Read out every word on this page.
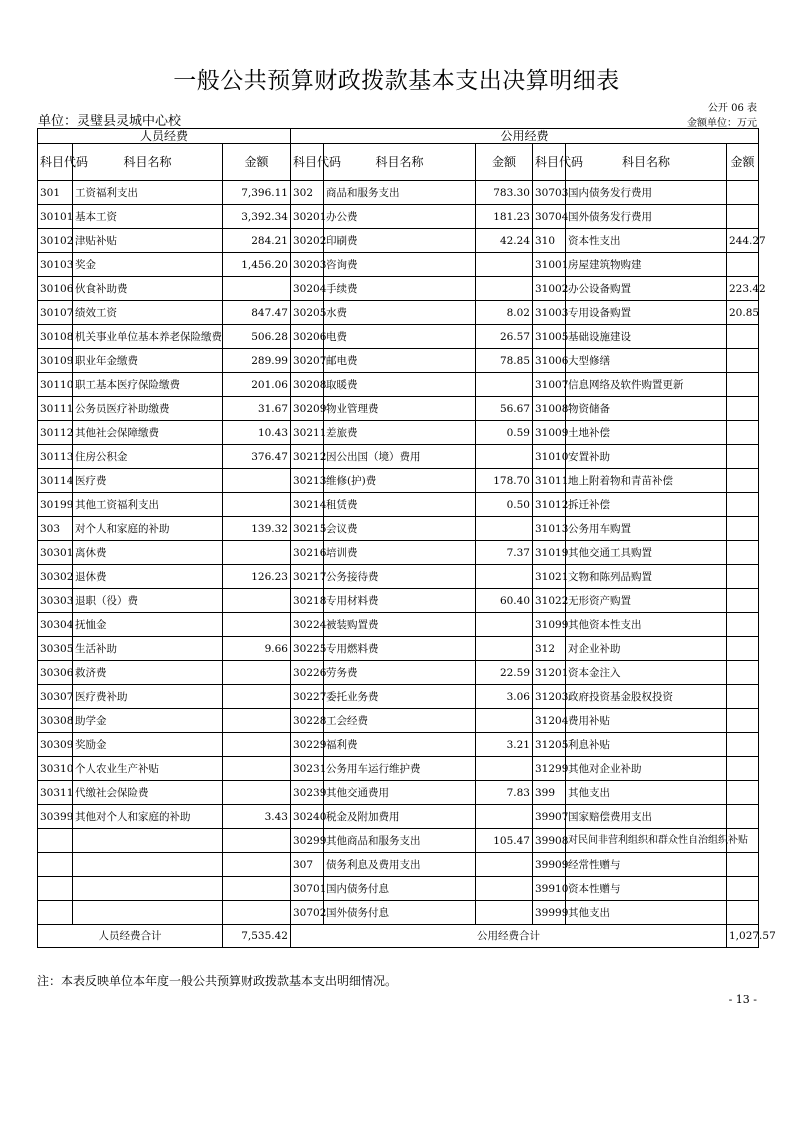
一般公共预算财政拨款基本支出决算明细表
公开 06 表
单位：灵璧县灵城中心校	金额单位：万元
人员经费			公用经费					
科目代码	科目名称	金额	科目代码	科目名称	金额	科目代码	科目名称	金额
301	工资福利支出	7,396.11	302	商品和服务支出	783.30	30703	国内债务发行费用	
30101	基本工资	3,392.34	30201	办公费	181.23	30704	国外债务发行费用	
30102	津贴补贴	284.21	30202	印刷费	42.24	310	资本性支出	244.27
30103	奖金	1,456.20	30203	咨询费		31001	房屋建筑物购建	
30106	伙食补助费		30204	手续费		31002	办公设备购置	223.42
30107	绩效工资	847.47	30205	水费	8.02	31003	专用设备购置	20.85
30108	机关事业单位基本养老保险缴费	506.28	30206	电费	26.57	31005	基础设施建设	
30109	职业年金缴费	289.99	30207	邮电费	78.85	31006	大型修缮	
30110	职工基本医疗保险缴费	201.06	30208	取暖费		31007	信息网络及软件购置更新	
30111	公务员医疗补助缴费	31.67	30209	物业管理费	56.67	31008	物资储备	
30112	其他社会保障缴费	10.43	30211	差旅费	0.59	31009	土地补偿	
30113	住房公积金	376.47	30212	因公出国（境）费用		31010	安置补助	
30114	医疗费		30213	维修(护)费	178.70	31011	地上附着物和青苗补偿	
30199	其他工资福利支出		30214	租赁费	0.50	31012	拆迁补偿	
303	对个人和家庭的补助	139.32	30215	会议费		31013	公务用车购置	
30301	离休费		30216	培训费	7.37	31019	其他交通工具购置	
30302	退休费	126.23	30217	公务接待费		31021	文物和陈列品购置	
30303	退职（役）费		30218	专用材料费	60.40	31022	无形资产购置	
30304	抚恤金		30224	被装购置费		31099	其他资本性支出	
30305	生活补助	9.66	30225	专用燃料费		312	对企业补助	
30306	救济费		30226	劳务费	22.59	31201	资本金注入	
30307	医疗费补助		30227	委托业务费	3.06	31203	政府投资基金股权投资	
30308	助学金		30228	工会经费		31204	费用补贴	
30309	奖励金		30229	福利费	3.21	31205	利息补贴	
30310	个人农业生产补贴		30231	公务用车运行维护费		31299	其他对企业补助	
30311	代缴社会保险费		30239	其他交通费用	7.83	399	其他支出	
30399	其他对个人和家庭的补助	3.43	30240	税金及附加费用		39907	国家赔偿费用支出	
			30299	其他商品和服务支出	105.47	39908	对民间非营利组织和群众性自治组织补贴	
			307	债务利息及费用支出		39909	经常性赠与	
			30701	国内债务付息		39910	资本性赠与	
			30702	国外债务付息		39999	其他支出	
人员经费合计		7,535.42	公用经费合计					1,027.57
注：本表反映单位本年度一般公共预算财政拨款基本支出明细情况。
- 13 -
